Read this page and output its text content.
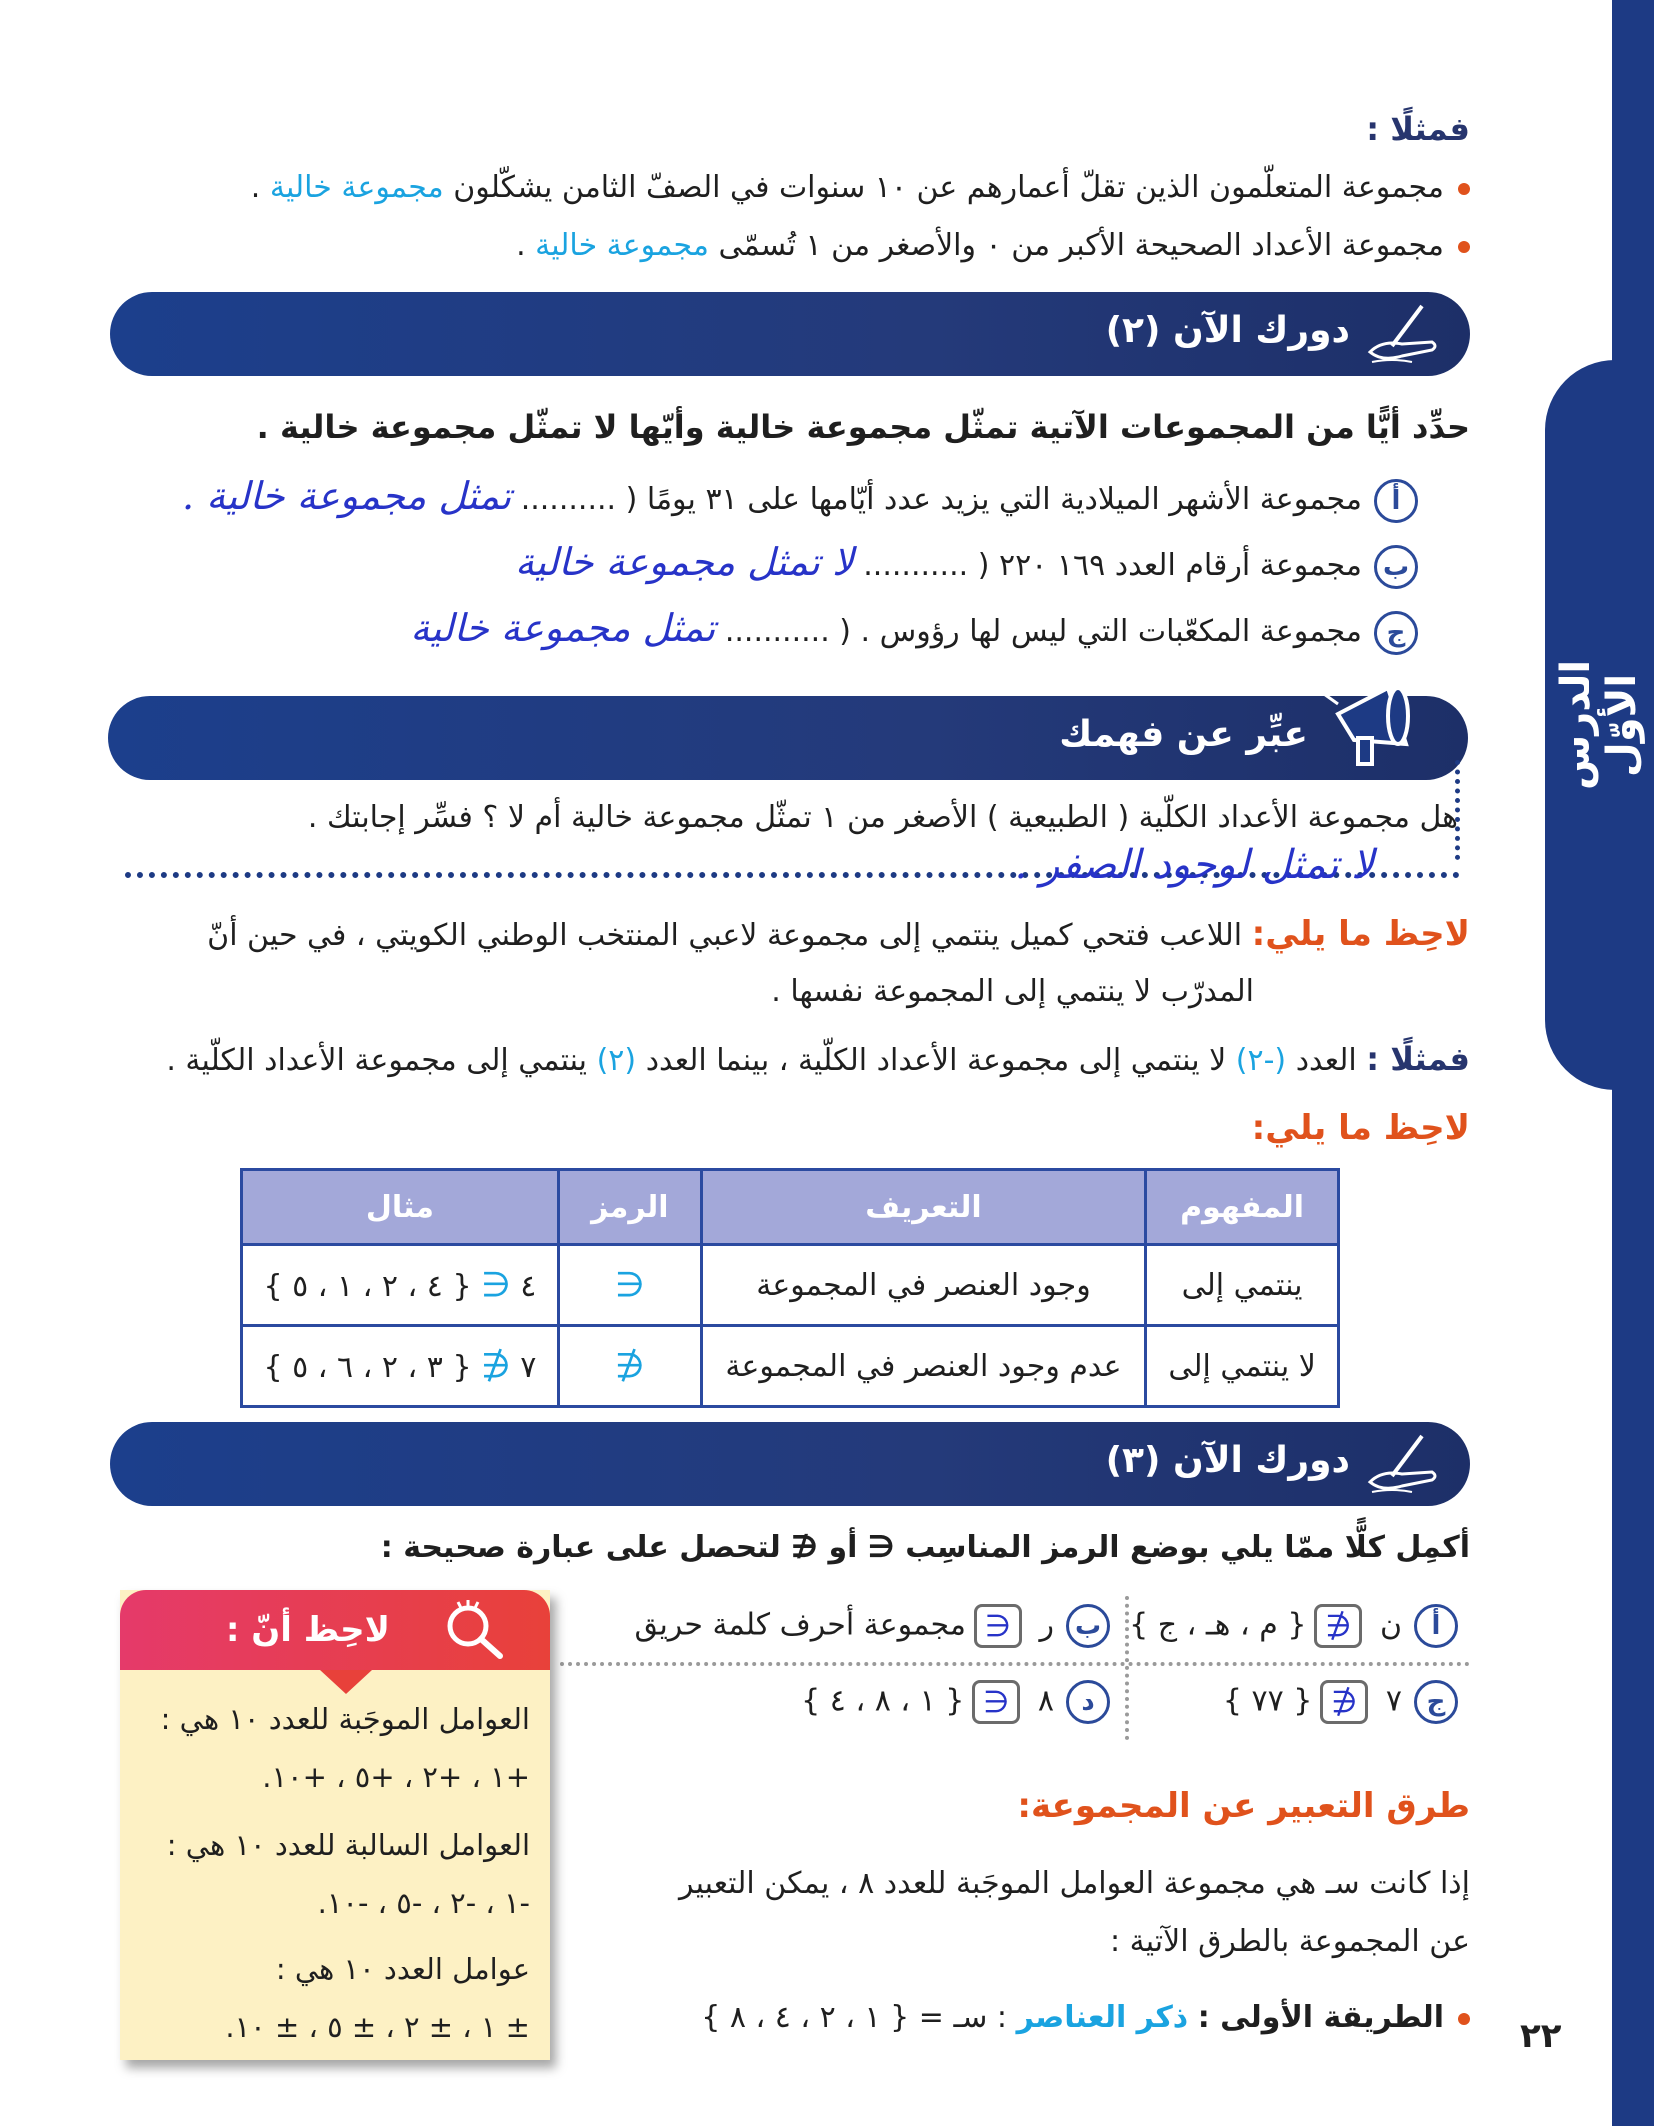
الدرس الأوّل
فمثلًا :
مجموعة المتعلّمون الذين تقلّ أعمارهم عن ١٠ سنوات في الصفّ الثامن يشكّلون مجموعة خالية .
مجموعة الأعداد الصحيحة الأكبر من ٠ والأصغر من ١ تُسمّى مجموعة خالية .
دورك الآن (٢)
حدِّد أيًّا من المجموعات الآتية تمثّل مجموعة خالية وأيّها لا تمثّل مجموعة خالية .
أمجموعة الأشهر الميلادية التي يزيد عدد أيّامها على ٣١ يومًا ( .......... تمثل مجموعة خالية .
بمجموعة أرقام العدد ١٦٩ ٢٢٠ ( ........... لا تمثل مجموعة خالية
جمجموعة المكعّبات التي ليس لها رؤوس . ( ........... تمثل مجموعة خالية
عبِّر عن فهمك
هل مجموعة الأعداد الكلّية ( الطبيعية ) الأصغر من ١ تمثّل مجموعة خالية أم لا ؟ فسِّر إجابتك .
لا تمثل لوجود الصفر .
لاحِظ ما يلي: اللاعب فتحي كميل ينتمي إلى مجموعة لاعبي المنتخب الوطني الكويتي ، في حين أنّ
المدرّب لا ينتمي إلى المجموعة نفسها .
فمثلًا : العدد (-٢) لا ينتمي إلى مجموعة الأعداد الكلّية ، بينما العدد (٢) ينتمي إلى مجموعة الأعداد الكلّية .
لاحِظ ما يلي:
المفهوم	التعريف	الرمز	مثال
ينتمي إلى	وجود العنصر في المجموعة	∈	٤ ∈ { ٤ ، ٢ ، ١ ، ٥ }
لا ينتمي إلى	عدم وجود العنصر في المجموعة	∉	٧ ∉ { ٣ ، ٢ ، ٦ ، ٥ }
دورك الآن (٣)
أكمِل كلًّا ممّا يلي بوضع الرمز المناسِب ∈ أو ∉ لتحصل على عبارة صحيحة :
أن ∉{ م ، هـ ، ج }
بر ∈مجموعة أحرف كلمة حريق
ج٧ ∉{ ٧٧ }
د٨ ∈{ ١ ، ٨ ، ٤ }
لاحِظ أنّ :
العوامل الموجَبة للعدد ١٠ هي :
+١ ، +٢ ، +٥ ، +١٠.
العوامل السالبة للعدد ١٠ هي :
-١ ، -٢ ، -٥ ، -١٠.
عوامل العدد ١٠ هي :
± ١ ، ± ٢ ، ± ٥ ، ± ١٠.
طرق التعبير عن المجموعة:
إذا كانت سـ هي مجموعة العوامل الموجَبة للعدد ٨ ، يمكن التعبير
عن المجموعة بالطرق الآتية :
الطريقة الأولى : ذكر العناصر : سـ = { ١ ، ٢ ، ٤ ، ٨ }	٢٢
